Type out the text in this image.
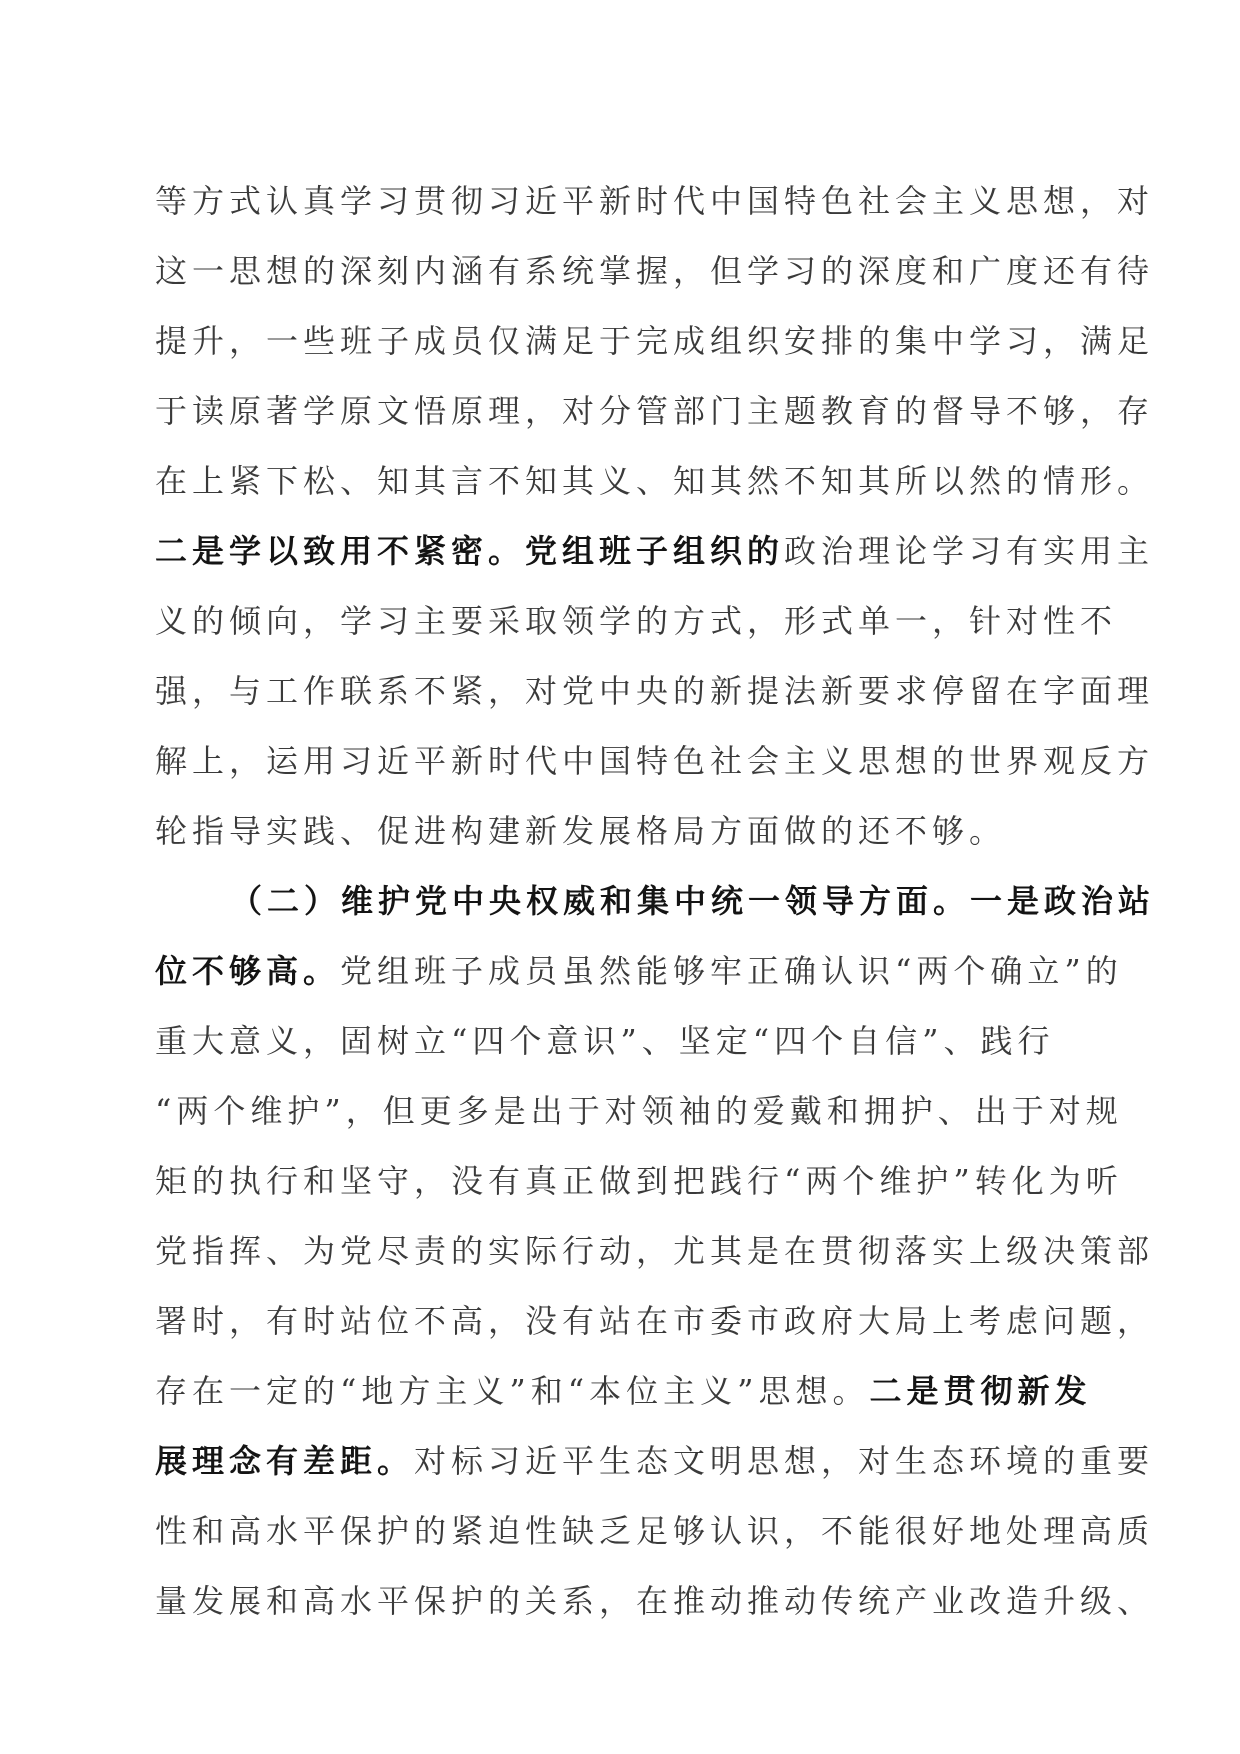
等方式认真学习贯彻习近平新时代中国特色社会主义思想，对
这一思想的深刻内涵有系统掌握，但学习的深度和广度还有待
提升，一些班子成员仅满足于完成组织安排的集中学习，满足
于读原著学原文悟原理，对分管部门主题教育的督导不够，存
在上紧下松、知其言不知其义、知其然不知其所以然的情形。
二是学以致用不紧密。党组班子组织的政治理论学习有实用主
义的倾向，学习主要采取领学的方式，形式单一，针对性不
强，与工作联系不紧，对党中央的新提法新要求停留在字面理
解上，运用习近平新时代中国特色社会主义思想的世界观反方
轮指导实践、促进构建新发展格局方面做的还不够。
（二）维护党中央权威和集中统一领导方面。一是政治站
位不够高。党组班子成员虽然能够牢正确认识“两个确立”的
重大意义，固树立“四个意识”、坚定“四个自信”、践行
“两个维护”，但更多是出于对领袖的爱戴和拥护、出于对规
矩的执行和坚守，没有真正做到把践行“两个维护”转化为听
党指挥、为党尽责的实际行动，尤其是在贯彻落实上级决策部
署时，有时站位不高，没有站在市委市政府大局上考虑问题，
存在一定的“地方主义”和“本位主义”思想。二是贯彻新发
展理念有差距。对标习近平生态文明思想，对生态环境的重要
性和高水平保护的紧迫性缺乏足够认识，不能很好地处理高质
量发展和高水平保护的关系，在推动推动传统产业改造升级、
